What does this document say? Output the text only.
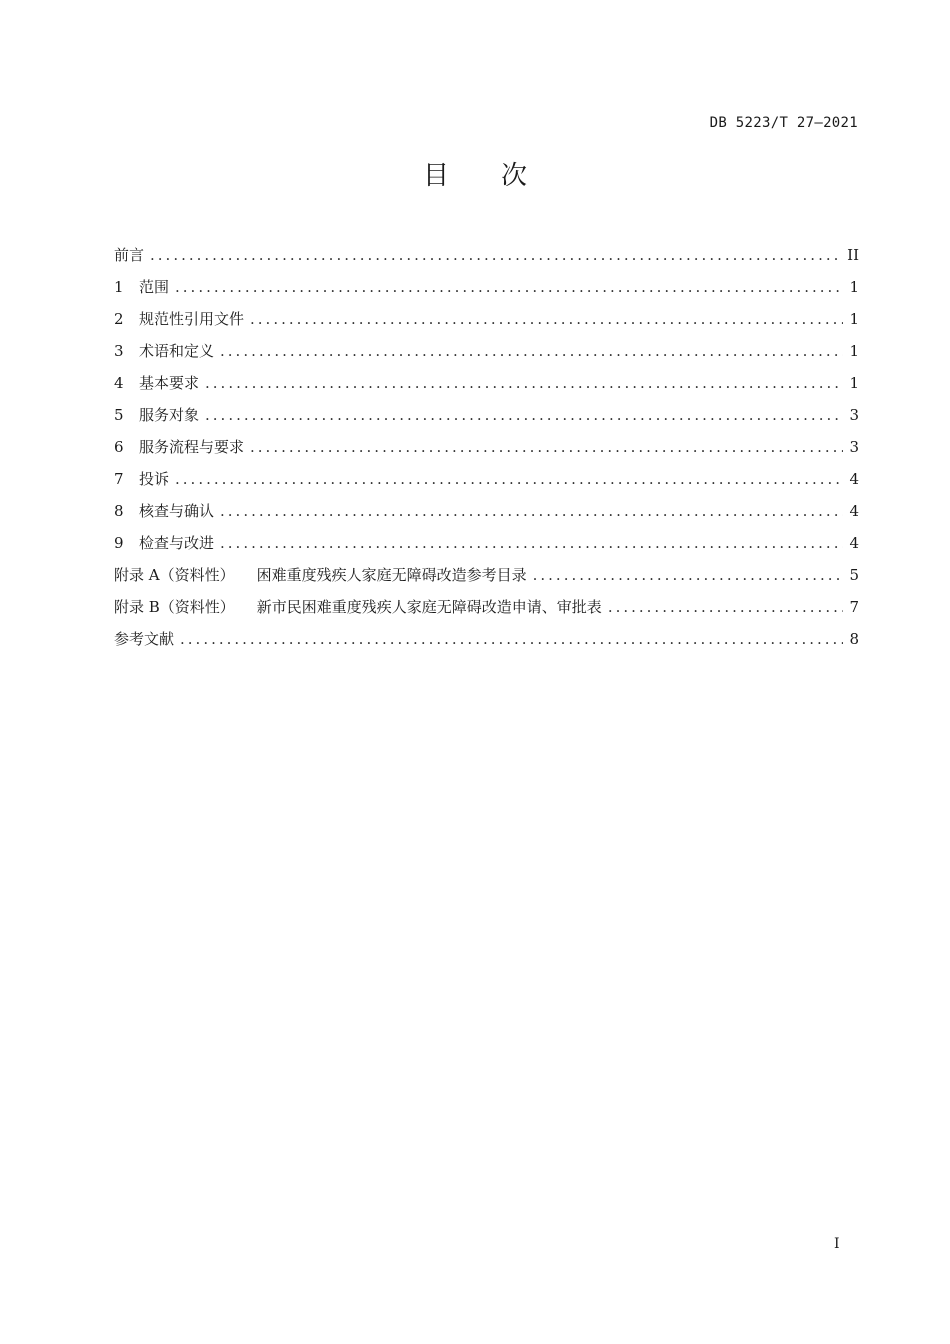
DB 5223/T 27—2021
目次
前言 .....	II
1	范围 .....	1
2	规范性引用文件 .....	1
3	术语和定义 .....	1
4	基本要求 .....	1
5	服务对象 .....	3
6	服务流程与要求 .....	3
7	投诉 .....	4
8	核查与确认 .....	4
9	检查与改进 .....	4
附录 A（资料性） 困难重度残疾人家庭无障碍改造参考目录 .....	5
附录 B（资料性） 新市民困难重度残疾人家庭无障碍改造申请、审批表 .....	7
参考文献 .....	8
I
